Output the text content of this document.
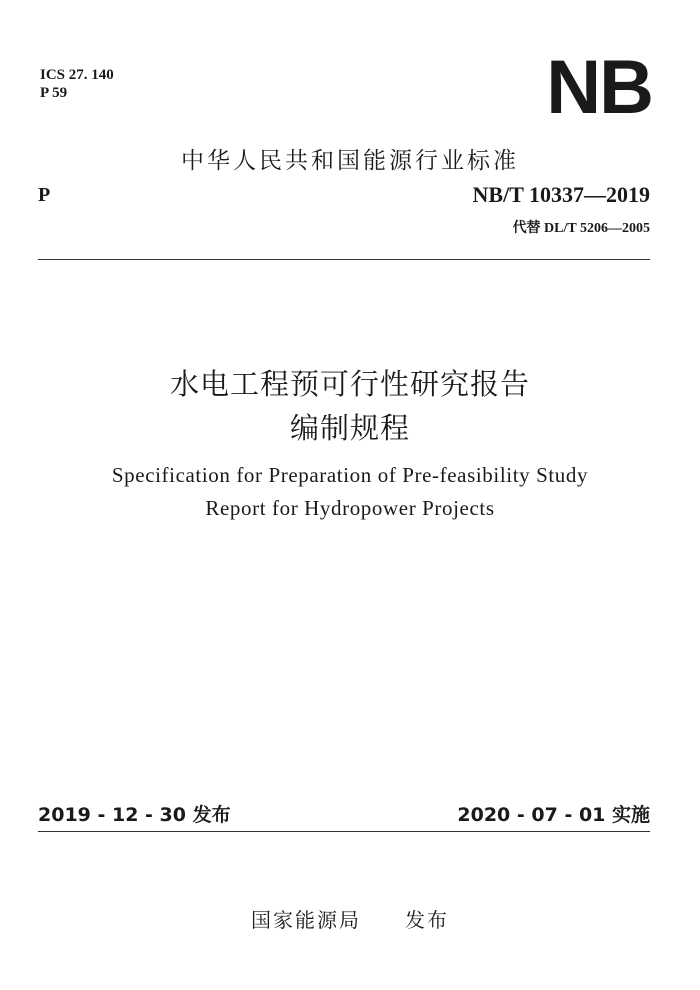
ICS 27. 140
P 59	NB
中华人民共和国能源行业标准
P	NB/T 10337—2019
代替 DL/T 5206—2005
水电工程预可行性研究报告
编制规程
Specification for Preparation of Pre-feasibility Study
Report for Hydropower Projects
2019 - 12 - 30 发布	2020 - 07 - 01 实施
国家能源局　　发布
